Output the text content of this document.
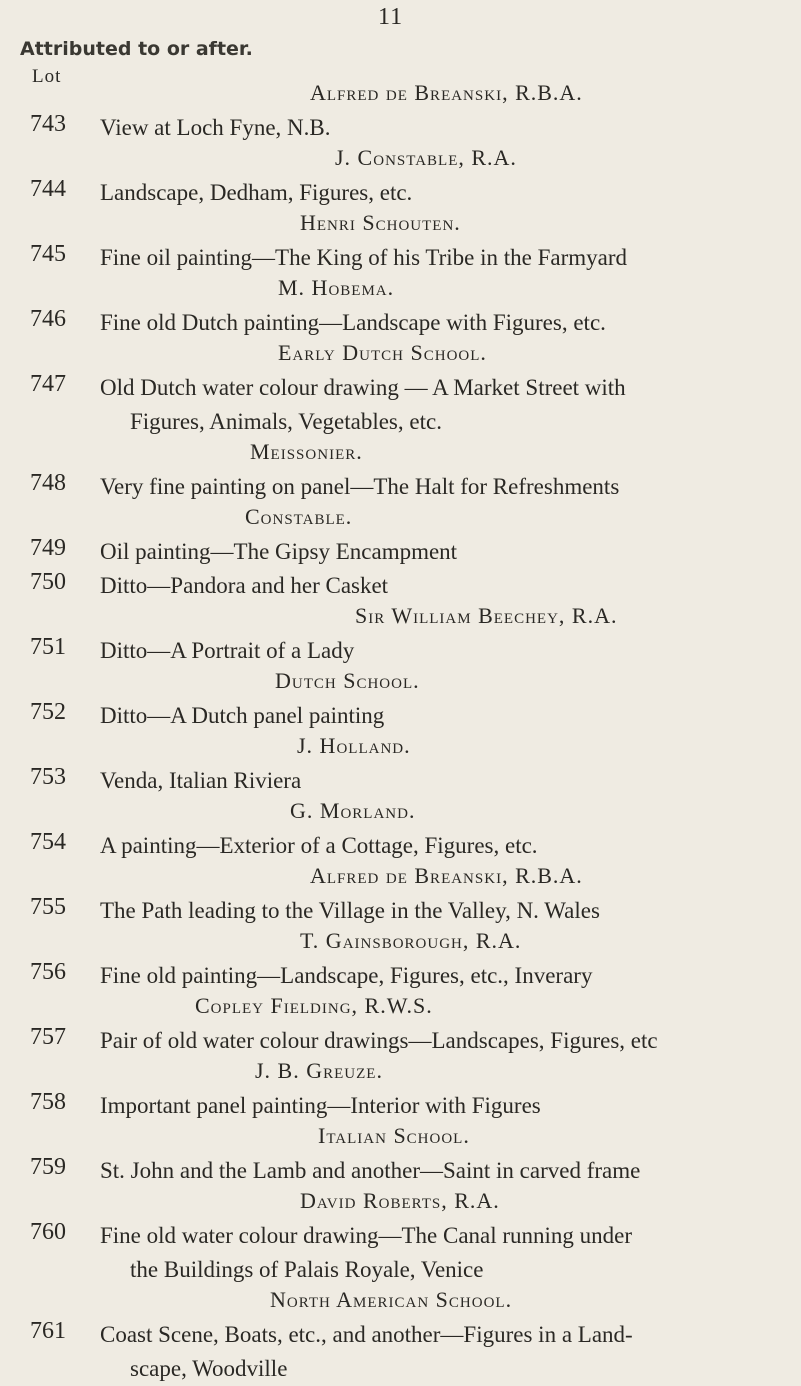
11
Attributed to or after.
Lot
Alfred de Breanski, R.B.A.
743 View at Loch Fyne, N.B.
J. Constable, R.A.
744 Landscape, Dedham, Figures, etc.
Henri Schouten.
745 Fine oil painting—The King of his Tribe in the Farmyard
M. Hobema.
746 Fine old Dutch painting—Landscape with Figures, etc.
Early Dutch School.
747 Old Dutch water colour drawing — A Market Street with
Figures, Animals, Vegetables, etc.
Meissonier.
748 Very fine painting on panel—The Halt for Refreshments
Constable.
749 Oil painting—The Gipsy Encampment
750 Ditto—Pandora and her Casket
Sir William Beechey, R.A.
751 Ditto—A Portrait of a Lady
Dutch School.
752 Ditto—A Dutch panel painting
J. Holland.
753 Venda, Italian Riviera
G. Morland.
754 A painting—Exterior of a Cottage, Figures, etc.
Alfred de Breanski, R.B.A.
755 The Path leading to the Village in the Valley, N. Wales
T. Gainsborough, R.A.
756 Fine old painting—Landscape, Figures, etc., Inverary
Copley Fielding, R.W.S.
757 Pair of old water colour drawings—Landscapes, Figures, etc
J. B. Greuze.
758 Important panel painting—Interior with Figures
Italian School.
759 St. John and the Lamb and another—Saint in carved frame
David Roberts, R.A.
760 Fine old water colour drawing—The Canal running under
the Buildings of Palais Royale, Venice
North American School.
761 Coast Scene, Boats, etc., and another—Figures in a Land-
scape, Woodville
